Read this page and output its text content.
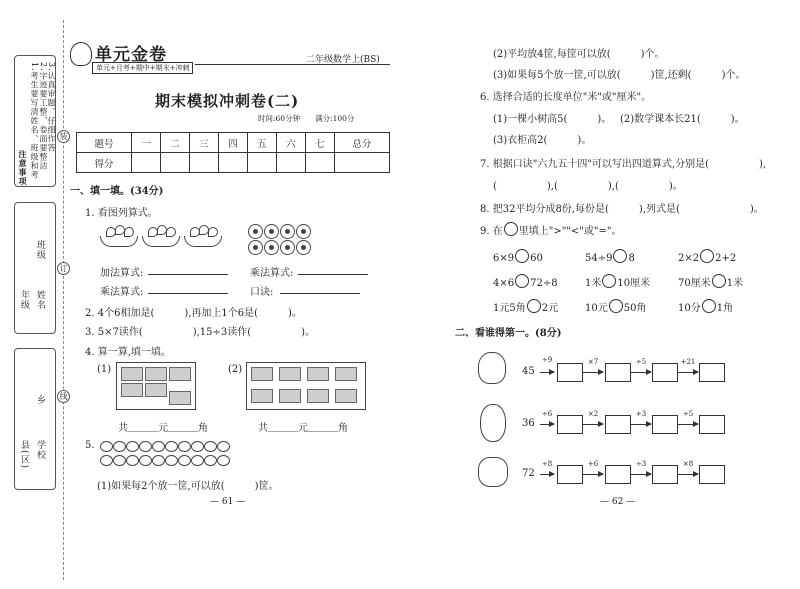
注意事项 1.考生要写清姓名、班级和考 2.字迹要工整，卷面要整洁 3.认真审题，仔细作答
年级 姓名
班级
县(区)
乡
学校
装
订
线
单元金卷
单元+月考+期中+期末+冲刺
二年级数学上(BS)
期末模拟冲刺卷(二)
时间:60分钟　　满分:100分
题号	一	二	三	四	五	六	七	总分
得分								
一、填一填。(34分)
1. 看图列算式。
加法算式:	乘法算式:
乘法算式:	口诀:
2. 4个6相加是(　　　),再加上1个6是(　　　)。
3. 5×7读作(　　　　　),15÷3读作(　　　　　)。
4. 算一算,填一填。
(1)	(2)
共＿＿＿元＿＿＿角	共＿＿＿元＿＿＿角
5.
(1)如果每2个放一筐,可以放(　　　)筐。
— 61 —
(2)平均放4筐,每筐可以放(　　　)个。
(3)如果每5个放一筐,可以放(　　　)筐,还剩(　　　)个。
6. 选择合适的长度单位"米"或"厘米"。
(1)一棵小树高5(　　　)。 (2)数学课本长21(　　　)。
(3)衣柜高2(　　　)。
7. 根据口诀"六九五十四"可以写出四道算式,分别是(　　　　　),
(　　　　　),(　　　　　),(　　　　　)。
8. 把32平均分成8份,每份是(　　　),列式是(　　　　　　　)。
9. 在 里填上">""<"或"="。
6×9 60	54÷9 8	2×2 2+2
4×6 72÷8	1米 10厘米	70厘米 1米
1元5角 2元	10元 50角	10分 1角
二、看谁得第一。(8分)
45
÷9	×7	÷5	+21
36
÷6	×2	+3	÷5
72
÷8	+6	÷3	×8
— 62 —
